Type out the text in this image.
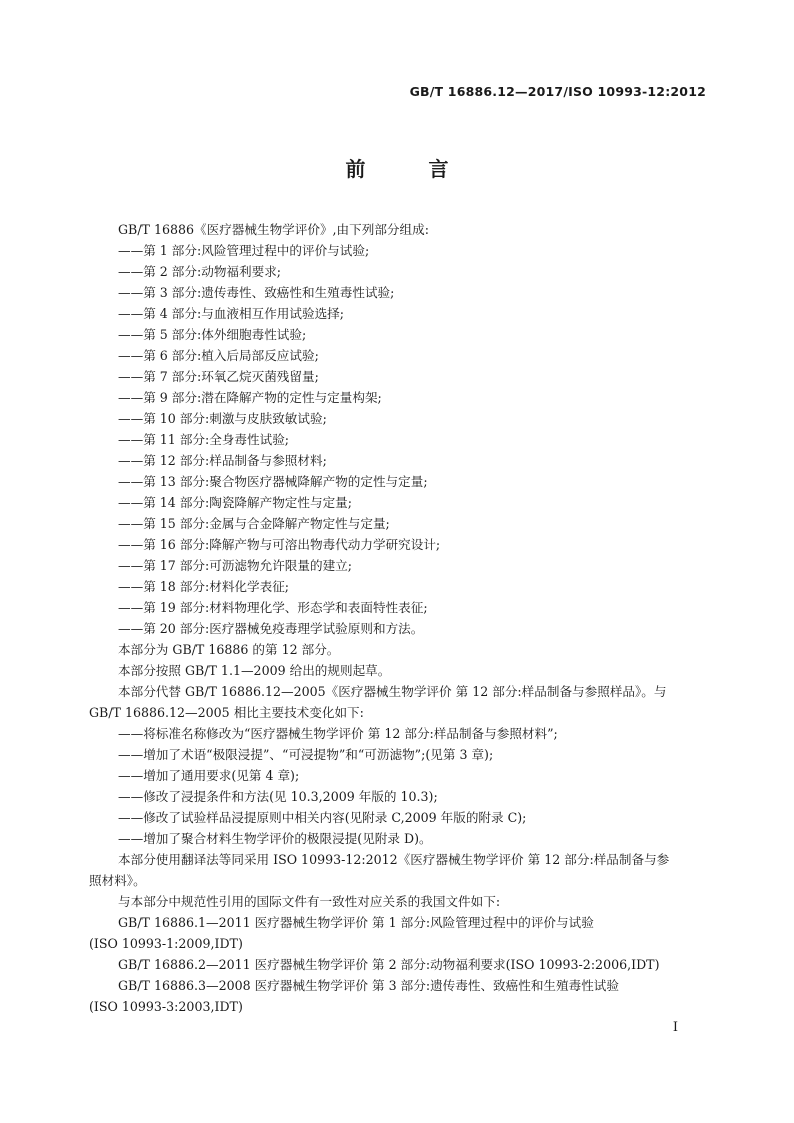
GB/T 16886.12—2017/ISO 10993-12:2012
前 言
GB/T 16886《医疗器械生物学评价》,由下列部分组成:
——第 1 部分:风险管理过程中的评价与试验;
——第 2 部分:动物福利要求;
——第 3 部分:遗传毒性、致癌性和生殖毒性试验;
——第 4 部分:与血液相互作用试验选择;
——第 5 部分:体外细胞毒性试验;
——第 6 部分:植入后局部反应试验;
——第 7 部分:环氧乙烷灭菌残留量;
——第 9 部分:潜在降解产物的定性与定量构架;
——第 10 部分:刺激与皮肤致敏试验;
——第 11 部分:全身毒性试验;
——第 12 部分:样品制备与参照材料;
——第 13 部分:聚合物医疗器械降解产物的定性与定量;
——第 14 部分:陶瓷降解产物定性与定量;
——第 15 部分:金属与合金降解产物定性与定量;
——第 16 部分:降解产物与可溶出物毒代动力学研究设计;
——第 17 部分:可沥滤物允许限量的建立;
——第 18 部分:材料化学表征;
——第 19 部分:材料物理化学、形态学和表面特性表征;
——第 20 部分:医疗器械免疫毒理学试验原则和方法。
本部分为 GB/T 16886 的第 12 部分。
本部分按照 GB/T 1.1—2009 给出的规则起草。
本部分代替 GB/T 16886.12—2005《医疗器械生物学评价 第 12 部分:样品制备与参照样品》。与
GB/T 16886.12—2005 相比主要技术变化如下:
——将标准名称修改为“医疗器械生物学评价 第 12 部分:样品制备与参照材料”;
——增加了术语“极限浸提”、“可浸提物”和“可沥滤物”;(见第 3 章);
——增加了通用要求(见第 4 章);
——修改了浸提条件和方法(见 10.3,2009 年版的 10.3);
——修改了试验样品浸提原则中相关内容(见附录 C,2009 年版的附录 C);
——增加了聚合材料生物学评价的极限浸提(见附录 D)。
本部分使用翻译法等同采用 ISO 10993-12:2012《医疗器械生物学评价 第 12 部分:样品制备与参
照材料》。
与本部分中规范性引用的国际文件有一致性对应关系的我国文件如下:
GB/T 16886.1—2011 医疗器械生物学评价 第 1 部分:风险管理过程中的评价与试验
(ISO 10993-1:2009,IDT)
GB/T 16886.2—2011 医疗器械生物学评价 第 2 部分:动物福利要求(ISO 10993-2:2006,IDT)
GB/T 16886.3—2008 医疗器械生物学评价 第 3 部分:遗传毒性、致癌性和生殖毒性试验
(ISO 10993-3:2003,IDT)
I
